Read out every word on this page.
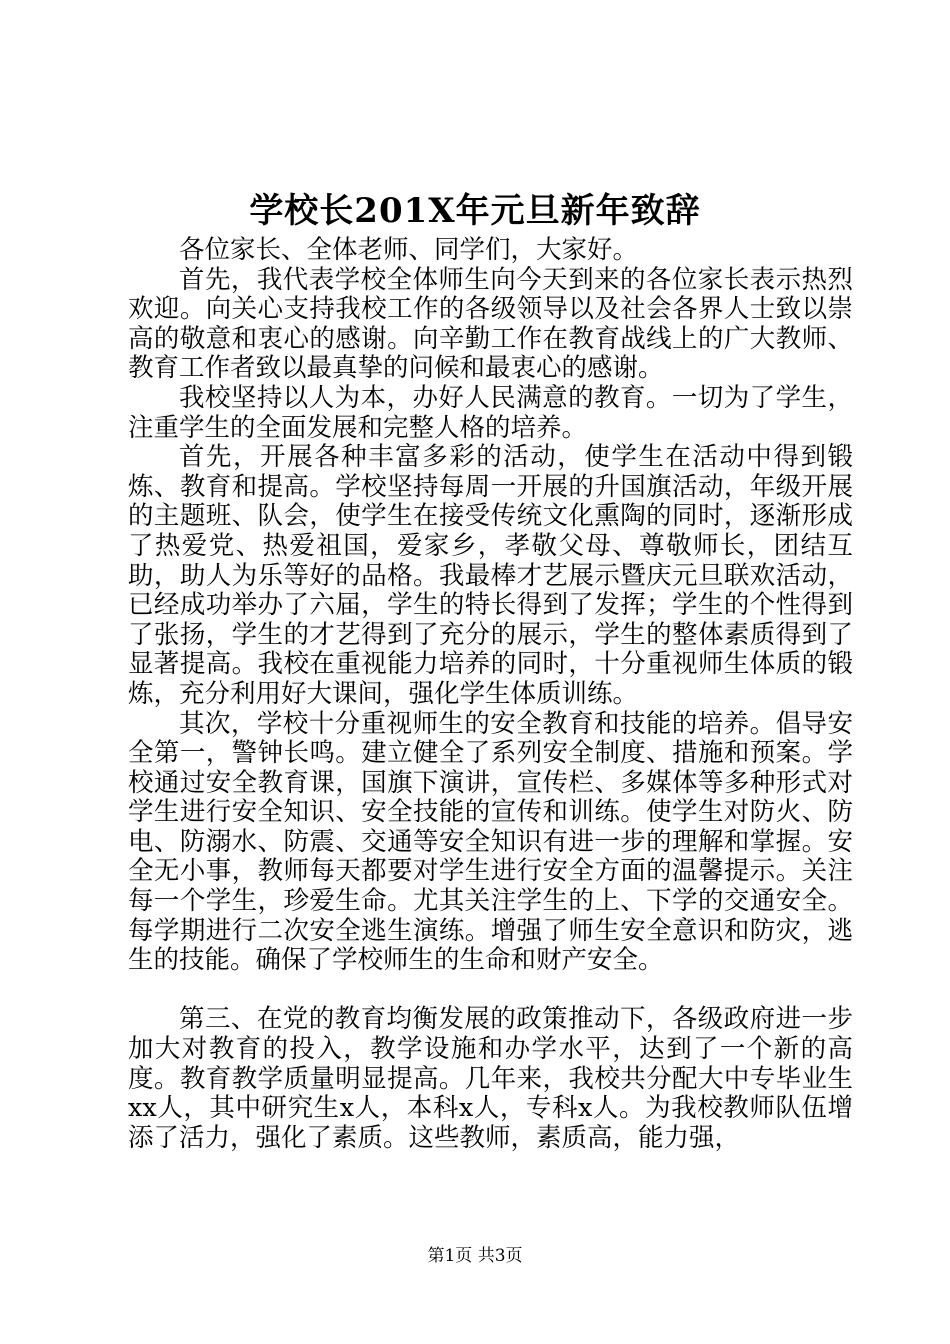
学校长201X年元旦新年致辞

各位家长、全体老师、同学们，大家好。

首先，我代表学校全体师生向今天到来的各位家长表示热烈欢迎。向关心支持我校工作的各级领导以及社会各界人士致以崇高的敬意和衷心的感谢。向辛勤工作在教育战线上的广大教师、教育工作者致以最真挚的问候和最衷心的感谢。

我校坚持以人为本，办好人民满意的教育。一切为了学生，注重学生的全面发展和完整人格的培养。

首先，开展各种丰富多彩的活动，使学生在活动中得到锻炼、教育和提高。学校坚持每周一开展的升国旗活动，年级开展的主题班、队会，使学生在接受传统文化熏陶的同时，逐渐形成了热爱党、热爱祖国，爱家乡，孝敬父母、尊敬师长，团结互助，助人为乐等好的品格。我最棒才艺展示暨庆元旦联欢活动，已经成功举办了六届，学生的特长得到了发挥；学生的个性得到了张扬，学生的才艺得到了充分的展示，学生的整体素质得到了显著提高。我校在重视能力培养的同时，十分重视师生体质的锻炼，充分利用好大课间，强化学生体质训练。

其次，学校十分重视师生的安全教育和技能的培养。倡导安全第一，警钟长鸣。建立健全了系列安全制度、措施和预案。学校通过安全教育课，国旗下演讲，宣传栏、多媒体等多种形式对学生进行安全知识、安全技能的宣传和训练。使学生对防火、防电、防溺水、防震、交通等安全知识有进一步的理解和掌握。安全无小事，教师每天都要对学生进行安全方面的温馨提示。关注每一个学生，珍爱生命。尤其关注学生的上、下学的交通安全。每学期进行二次安全逃生演练。增强了师生安全意识和防灾，逃生的技能。确保了学校师生的生命和财产安全。

第三、在党的教育均衡发展的政策推动下，各级政府进一步加大对教育的投入，教学设施和办学水平，达到了一个新的高度。教育教学质量明显提高。几年来，我校共分配大中专毕业生xx人，其中研究生x人，本科x人，专科x人。为我校教师队伍增添了活力，强化了素质。这些教师，素质高，能力强，

第1页 共3页
